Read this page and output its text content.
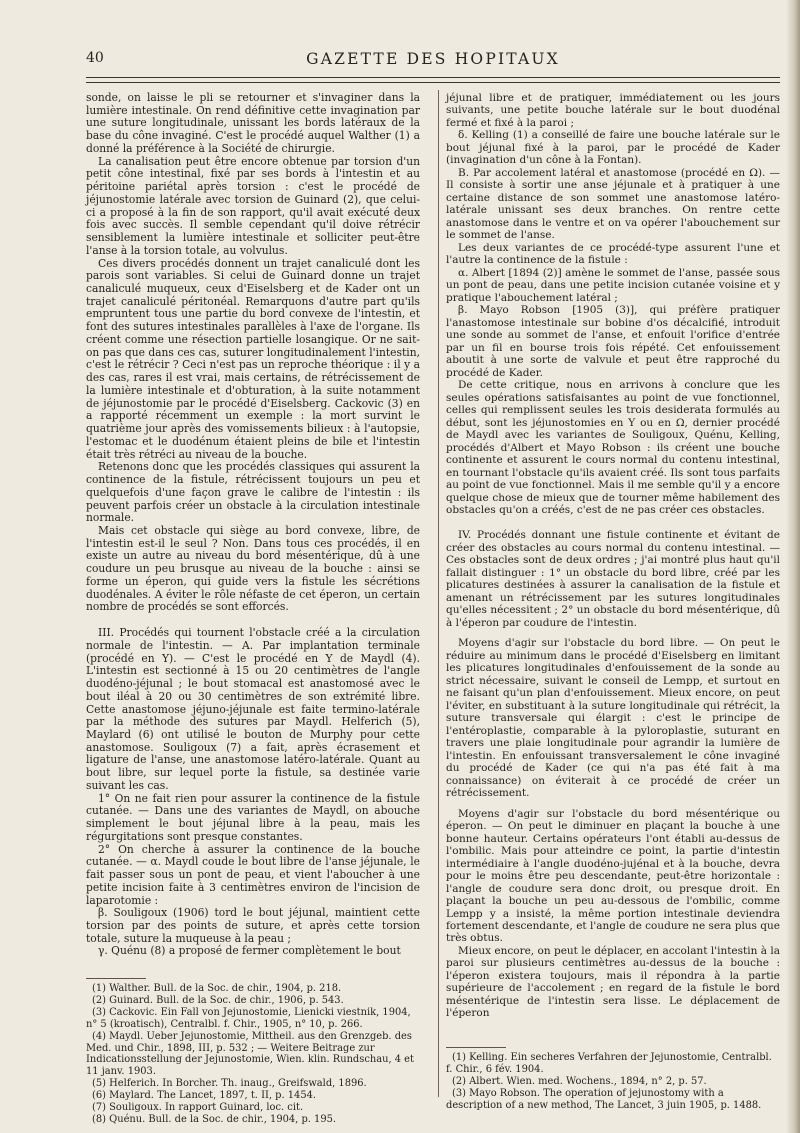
40	GAZETTE DES HOPITAUX

sonde, on laisse le pli se retourner et s'invaginer dans la lumière intestinale. On rend définitive cette invagination par une suture longitudinale, unissant les bords latéraux de la base du cône invaginé. C'est le procédé auquel Walther (1) a donné la préférence à la Société de chirurgie.

La canalisation peut être encore obtenue par torsion d'un petit cône intestinal, fixé par ses bords à l'intestin et au péritoine pariétal après torsion : c'est le procédé de jéjunostomie latérale avec torsion de Guinard (2), que celui-ci a proposé à la fin de son rapport, qu'il avait exécuté deux fois avec succès. Il semble cependant qu'il doive rétrécir sensiblement la lumière intestinale et solliciter peut-être l'anse à la torsion totale, au volvulus.

Ces divers procédés donnent un trajet canaliculé dont les parois sont variables. Si celui de Guinard donne un trajet canaliculé muqueux, ceux d'Eiselsberg et de Kader ont un trajet canaliculé péritonéal. Remarquons d'autre part qu'ils empruntent tous une partie du bord convexe de l'intestin, et font des sutures intestinales parallèles à l'axe de l'organe. Ils créent comme une résection partielle losangique. Or ne sait-on pas que dans ces cas, suturer longitudinalement l'intestin, c'est le rétrécir ? Ceci n'est pas un reproche théorique : il y a des cas, rares il est vrai, mais certains, de rétrécissement de la lumière intestinale et d'obturation, à la suite notamment de jéjunostomie par le procédé d'Eiselsberg. Cackovic (3) en a rapporté récemment un exemple : la mort survint le quatrième jour après des vomissements bilieux : à l'autopsie, l'estomac et le duodénum étaient pleins de bile et l'intestin était très rétréci au niveau de la bouche.

Retenons donc que les procédés classiques qui assurent la continence de la fistule, rétrécissent toujours un peu et quelquefois d'une façon grave le calibre de l'intestin : ils peuvent parfois créer un obstacle à la circulation intestinale normale.

Mais cet obstacle qui siège au bord convexe, libre, de l'intestin est-il le seul ? Non. Dans tous ces procédés, il en existe un autre au niveau du bord mésentérique, dû à une coudure un peu brusque au niveau de la bouche : ainsi se forme un éperon, qui guide vers la fistule les sécrétions duodénales. A éviter le rôle néfaste de cet éperon, un certain nombre de procédés se sont efforcés.

III. Procédés qui tournent l'obstacle créé a la circulation normale de l'intestin. — A. Par implantation terminale (procédé en Y). — C'est le procédé en Y de Maydl (4). L'intestin est sectionné à 15 ou 20 centimètres de l'angle duodéno-jéjunal ; le bout stomacal est anastomosé avec le bout iléal à 20 ou 30 centimètres de son extrémité libre. Cette anastomose jéjuno-jéjunale est faite termino-latérale par la méthode des sutures par Maydl. Helferich (5), Maylard (6) ont utilisé le bouton de Murphy pour cette anastomose. Souligoux (7) a fait, après écrasement et ligature de l'anse, une anastomose latéro-latérale. Quant au bout libre, sur lequel porte la fistule, sa destinée varie suivant les cas.

1° On ne fait rien pour assurer la continence de la fistule cutanée. — Dans une des variantes de Maydl, on abouche simplement le bout jéjunal libre à la peau, mais les régurgitations sont presque constantes.

2° On cherche à assurer la continence de la bouche cutanée. — α. Maydl coude le bout libre de l'anse jéjunale, le fait passer sous un pont de peau, et vient l'aboucher à une petite incision faite à 3 centimètres environ de l'incision de laparotomie :

β. Souligoux (1906) tord le bout jéjunal, maintient cette torsion par des points de suture, et après cette torsion totale, suture la muqueuse à la peau ;

γ. Quénu (8) a proposé de fermer complètement le bout

jéjunal libre et de pratiquer, immédiatement ou les jours suivants, une petite bouche latérale sur le bout duodénal fermé et fixé à la paroi ;

δ. Kelling (1) a conseillé de faire une bouche latérale sur le bout jéjunal fixé à la paroi, par le procédé de Kader (invagination d'un cône à la Fontan).

B. Par accolement latéral et anastomose (procédé en Ω). — Il consiste à sortir une anse jéjunale et à pratiquer à une certaine distance de son sommet une anastomose latéro-latérale unissant ses deux branches. On rentre cette anastomose dans le ventre et on va opérer l'abouchement sur le sommet de l'anse.

Les deux variantes de ce procédé-type assurent l'une et l'autre la continence de la fistule :

α. Albert [1894 (2)] amène le sommet de l'anse, passée sous un pont de peau, dans une petite incision cutanée voisine et y pratique l'abouchement latéral ;

β. Mayo Robson [1905 (3)], qui préfère pratiquer l'anastomose intestinale sur bobine d'os décalcifié, introduit une sonde au sommet de l'anse, et enfouit l'orifice d'entrée par un fil en bourse trois fois répété. Cet enfouissement aboutit à une sorte de valvule et peut être rapproché du procédé de Kader.

De cette critique, nous en arrivons à conclure que les seules opérations satisfaisantes au point de vue fonctionnel, celles qui remplissent seules les trois desiderata formulés au début, sont les jéjunostomies en Y ou en Ω, dernier procédé de Maydl avec les variantes de Souligoux, Quénu, Kelling, procédés d'Albert et Mayo Robson : ils créent une bouche continente et assurent le cours normal du contenu intestinal, en tournant l'obstacle qu'ils avaient créé. Ils sont tous parfaits au point de vue fonctionnel. Mais il me semble qu'il y a encore quelque chose de mieux que de tourner même habilement des obstacles qu'on a créés, c'est de ne pas créer ces obstacles.

IV. Procédés donnant une fistule continente et évitant de créer des obstacles au cours normal du contenu intestinal. — Ces obstacles sont de deux ordres ; j'ai montré plus haut qu'il fallait distinguer : 1° un obstacle du bord libre, créé par les plicatures destinées à assurer la canalisation de la fistule et amenant un rétrécissement par les sutures longitudinales qu'elles nécessitent ; 2° un obstacle du bord mésentérique, dû à l'éperon par coudure de l'intestin.

Moyens d'agir sur l'obstacle du bord libre. — On peut le réduire au minimum dans le procédé d'Eiselsberg en limitant les plicatures longitudinales d'enfouissement de la sonde au strict nécessaire, suivant le conseil de Lempp, et surtout en ne faisant qu'un plan d'enfouissement. Mieux encore, on peut l'éviter, en substituant à la suture longitudinale qui rétrécit, la suture transversale qui élargit : c'est le principe de l'entéroplastie, comparable à la pyloroplastie, suturant en travers une plaie longitudinale pour agrandir la lumière de l'intestin. En enfouissant transversalement le cône invaginé du procédé de Kader (ce qui n'a pas été fait à ma connaissance) on éviterait à ce procédé de créer un rétrécissement.

Moyens d'agir sur l'obstacle du bord mésentérique ou éperon. — On peut le diminuer en plaçant la bouche à une bonne hauteur. Certains opérateurs l'ont établi au-dessus de l'ombilic. Mais pour atteindre ce point, la partie d'intestin intermédiaire à l'angle duodéno-jujénal et à la bouche, devra pour le moins être peu descendante, peut-être horizontale : l'angle de coudure sera donc droit, ou presque droit. En plaçant la bouche un peu au-dessous de l'ombilic, comme Lempp y a insisté, la même portion intestinale deviendra fortement descendante, et l'angle de coudure ne sera plus que très obtus.

Mieux encore, on peut le déplacer, en accolant l'intestin à la paroi sur plusieurs centimètres au-dessus de la bouche : l'éperon existera toujours, mais il répondra à la partie supérieure de l'accolement ; en regard de la fistule le bord mésentérique de l'intestin sera lisse. Le déplacement de l'éperon

(1) Walther. Bull. de la Soc. de chir., 1904, p. 218.

(2) Guinard. Bull. de la Soc. de chir., 1906, p. 543.

(3) Cackovic. Ein Fall von Jejunostomie, Lienicki viestnik, 1904, n° 5 (kroatisch), Centralbl. f. Chir., 1905, n° 10, p. 266.

(4) Maydl. Ueber Jejunostomie, Mittheil. aus den Grenzgeb. des Med. und Chir., 1898, III, p. 532 ; — Weitere Beitrage zur Indicationsstellung der Jejunostomie, Wien. klin. Rundschau, 4 et 11 janv. 1903.

(5) Helferich. In Borcher. Th. inaug., Greifswald, 1896.

(6) Maylard. The Lancet, 1897, t. II, p. 1454.

(7) Souligoux. In rapport Guinard, loc. cit.

(8) Quénu. Bull. de la Soc. de chir., 1904, p. 195.

(1) Kelling. Ein secheres Verfahren der Jejunostomie, Centralbl. f. Chir., 6 fév. 1904.

(2) Albert. Wien. med. Wochens., 1894, n° 2, p. 57.

(3) Mayo Robson. The operation of jejunostomy with a description of a new method, The Lancet, 3 juin 1905, p. 1488.
